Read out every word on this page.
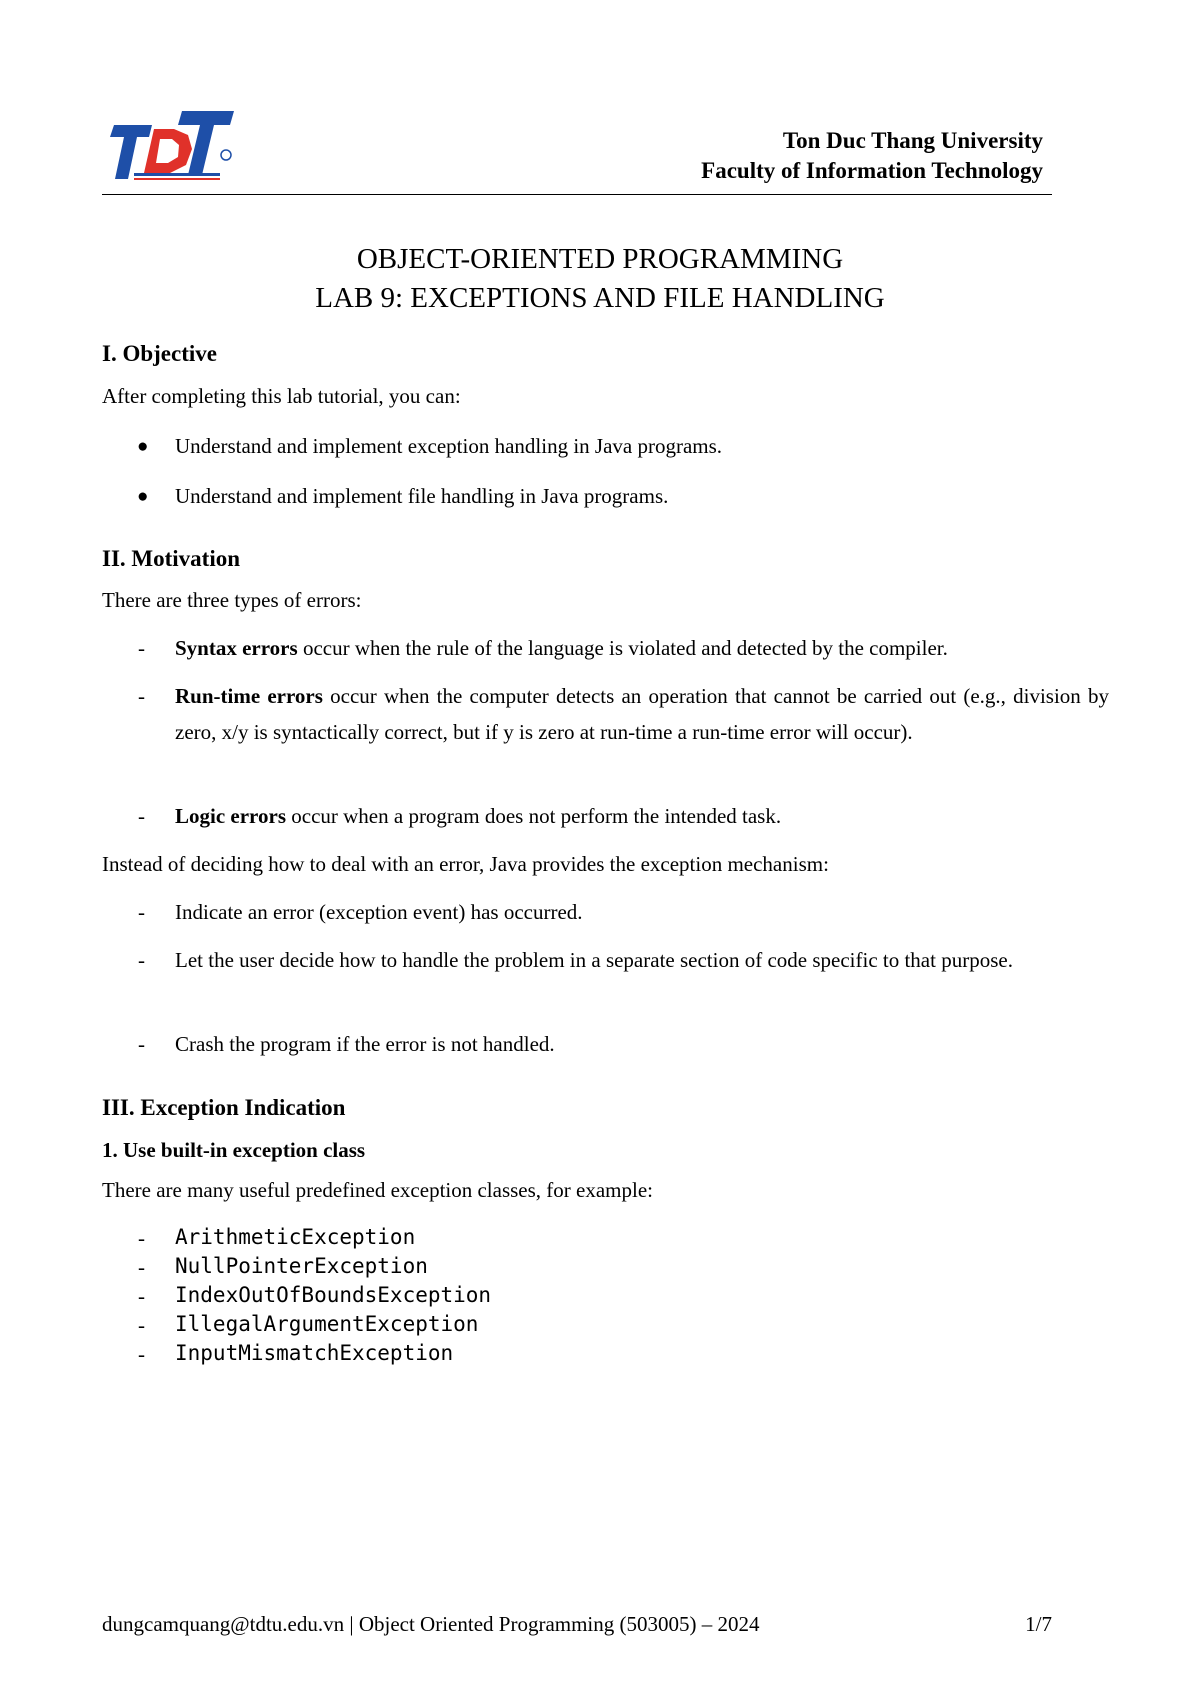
Ton Duc Thang University
Faculty of Information Technology
OBJECT-ORIENTED PROGRAMMING
LAB 9: EXCEPTIONS AND FILE HANDLING
I. Objective
After completing this lab tutorial, you can:
● Understand and implement exception handling in Java programs.
● Understand and implement file handling in Java programs.
II. Motivation
There are three types of errors:
- Syntax errors occur when the rule of the language is violated and detected by the compiler.
- Run-time errors occur when the computer detects an operation that cannot be carried out (e.g., division by zero, x/y is syntactically correct, but if y is zero at run-time a run-time error will occur).
- Logic errors occur when a program does not perform the intended task.
Instead of deciding how to deal with an error, Java provides the exception mechanism:
- Indicate an error (exception event) has occurred.
- Let the user decide how to handle the problem in a separate section of code specific to that purpose.
- Crash the program if the error is not handled.
III. Exception Indication
1. Use built-in exception class
There are many useful predefined exception classes, for example:
- ArithmeticException
- NullPointerException
- IndexOutOfBoundsException
- IllegalArgumentException
- InputMismatchException
dungcamquang@tdtu.edu.vn | Object Oriented Programming (503005) – 2024	1/7
